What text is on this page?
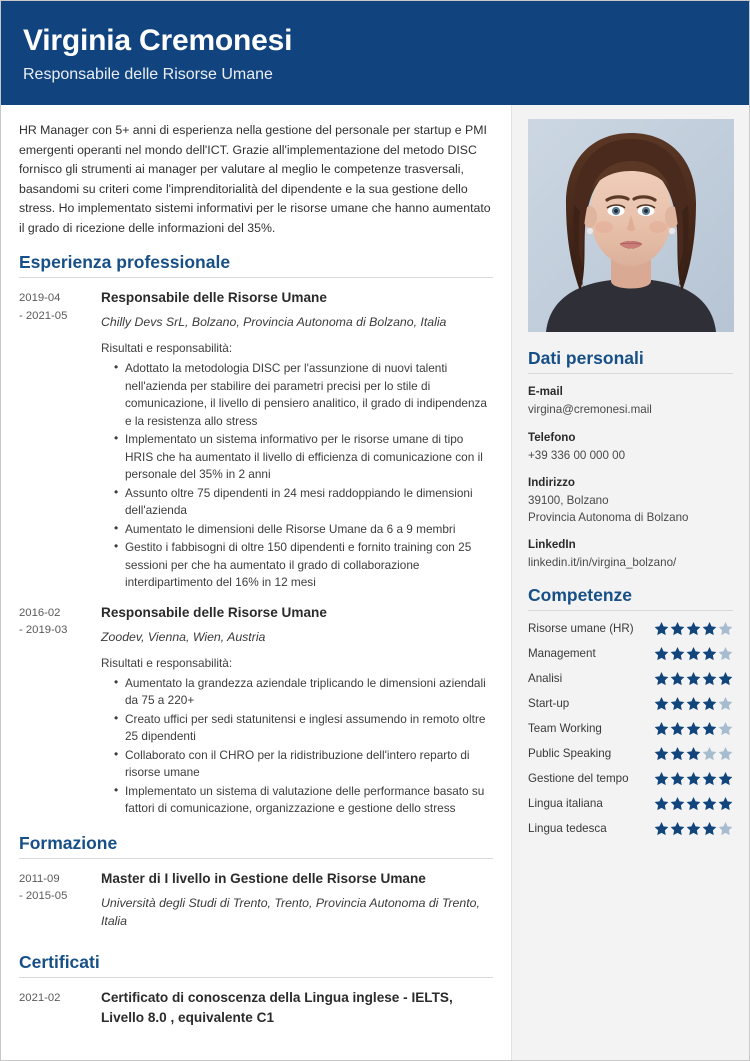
Virginia Cremonesi
Responsabile delle Risorse Umane

HR Manager con 5+ anni di esperienza nella gestione del personale per startup e PMI emergenti operanti nel mondo dell'ICT. Grazie all'implementazione del metodo DISC fornisco gli strumenti ai manager per valutare al meglio le competenze trasversali, basandomi su criteri come l'imprenditorialità del dipendente e la sua gestione dello stress. Ho implementato sistemi informativi per le risorse umane che hanno aumentato il grado di ricezione delle informazioni del 35%.

Esperienza professionale
2019-04
- 2021-05
Responsabile delle Risorse Umane
Chilly Devs SrL, Bolzano, Provincia Autonoma di Bolzano, Italia
Risultati e responsabilità:
• Adottato la metodologia DISC per l'assunzione di nuovi talenti nell'azienda per stabilire dei parametri precisi per lo stile di comunicazione, il livello di pensiero analitico, il grado di indipendenza e la resistenza allo stress
• Implementato un sistema informativo per le risorse umane di tipo HRIS che ha aumentato il livello di efficienza di comunicazione con il personale del 35% in 2 anni
• Assunto oltre 75 dipendenti in 24 mesi raddoppiando le dimensioni dell'azienda
• Aumentato le dimensioni delle Risorse Umane da 6 a 9 membri
• Gestito i fabbisogni di oltre 150 dipendenti e fornito training con 25 sessioni per che ha aumentato il grado di collaborazione interdipartimento del 16% in 12 mesi
2016-02
- 2019-03
Responsabile delle Risorse Umane
Zoodev, Vienna, Wien, Austria
Risultati e responsabilità:
• Aumentato la grandezza aziendale triplicando le dimensioni aziendali da 75 a 220+
• Creato uffici per sedi statunitensi e inglesi assumendo in remoto oltre 25 dipendenti
• Collaborato con il CHRO per la ridistribuzione dell'intero reparto di risorse umane
• Implementato un sistema di valutazione delle performance basato su fattori di comunicazione, organizzazione e gestione dello stress
Formazione
2011-09
- 2015-05
Master di I livello in Gestione delle Risorse Umane
Università degli Studi di Trento, Trento, Provincia Autonoma di Trento, Italia
Certificati
2021-02	Certificato di conoscenza della Lingua inglese - IELTS, Livello 8.0 , equivalente C1
Dati personali
E-mail
virgina@cremonesi.mail
Telefono
+39 336 00 000 00
Indirizzo
39100, Bolzano
Provincia Autonoma di Bolzano
LinkedIn
linkedin.it/in/virgina_bolzano/
Competenze
Risorse umane (HR)
Management
Analisi
Start-up
Team Working
Public Speaking
Gestione del tempo
Lingua italiana
Lingua tedesca
